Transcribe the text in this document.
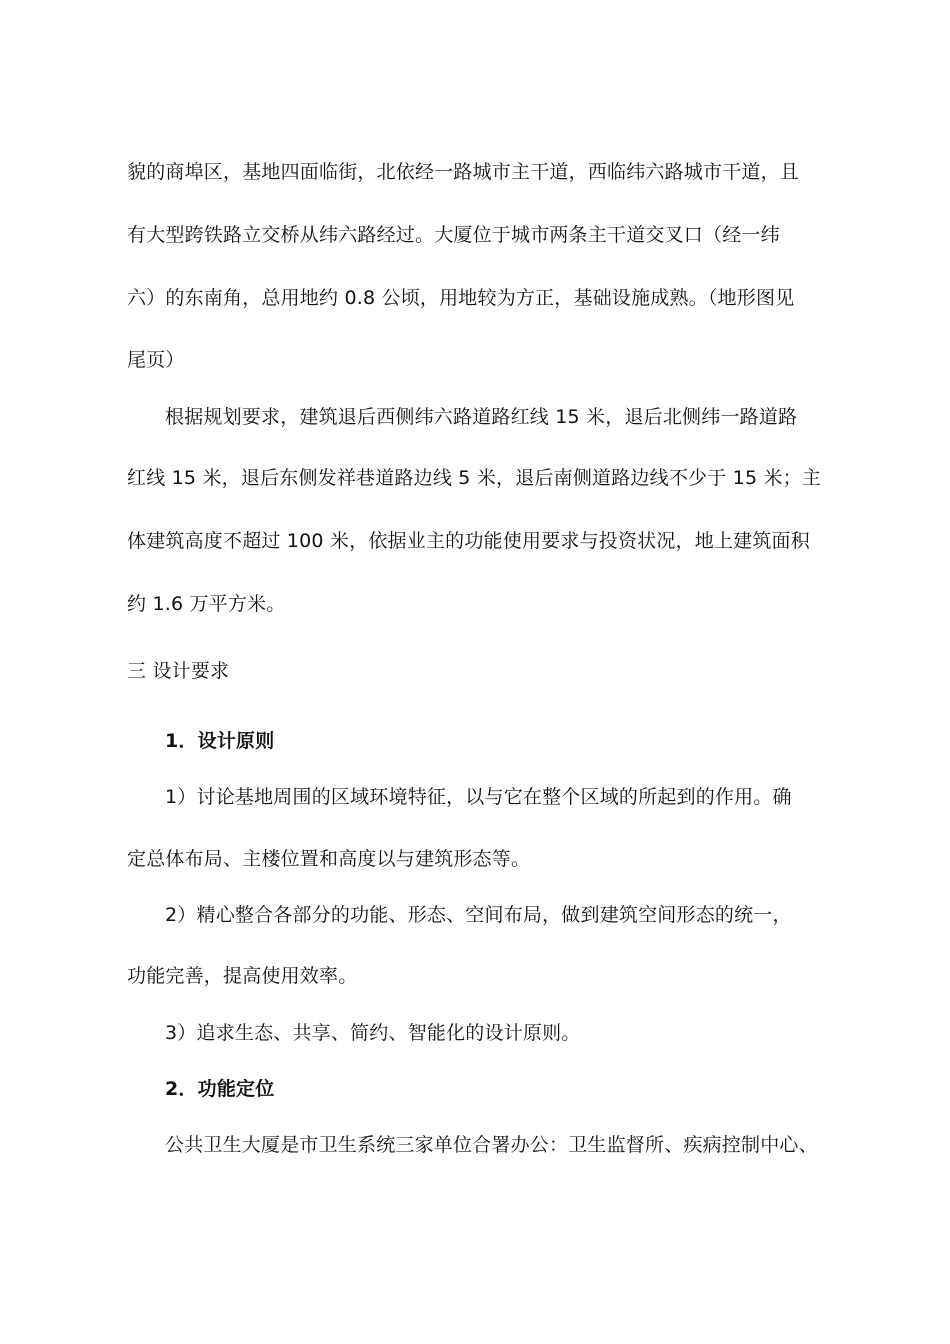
貌的商埠区，基地四面临街，北依经一路城市主干道，西临纬六路城市干道，且
有大型跨铁路立交桥从纬六路经过。大厦位于城市两条主干道交叉口（经一纬
六）的东南角，总用地约 0.8 公顷，用地较为方正，基础设施成熟。（地形图见
尾页）
根据规划要求，建筑退后西侧纬六路道路红线 15 米，退后北侧纬一路道路
红线 15 米，退后东侧发祥巷道路边线 5 米，退后南侧道路边线不少于 15 米；主
体建筑高度不超过 100 米，依据业主的功能使用要求与投资状况，地上建筑面积
约 1.6 万平方米。
三 设计要求
1．设计原则
1）讨论基地周围的区域环境特征，以与它在整个区域的所起到的作用。确
定总体布局、主楼位置和高度以与建筑形态等。
2）精心整合各部分的功能、形态、空间布局，做到建筑空间形态的统一，
功能完善，提高使用效率。
3）追求生态、共享、简约、智能化的设计原则。
2．功能定位
公共卫生大厦是市卫生系统三家单位合署办公：卫生监督所、疾病控制中心、
